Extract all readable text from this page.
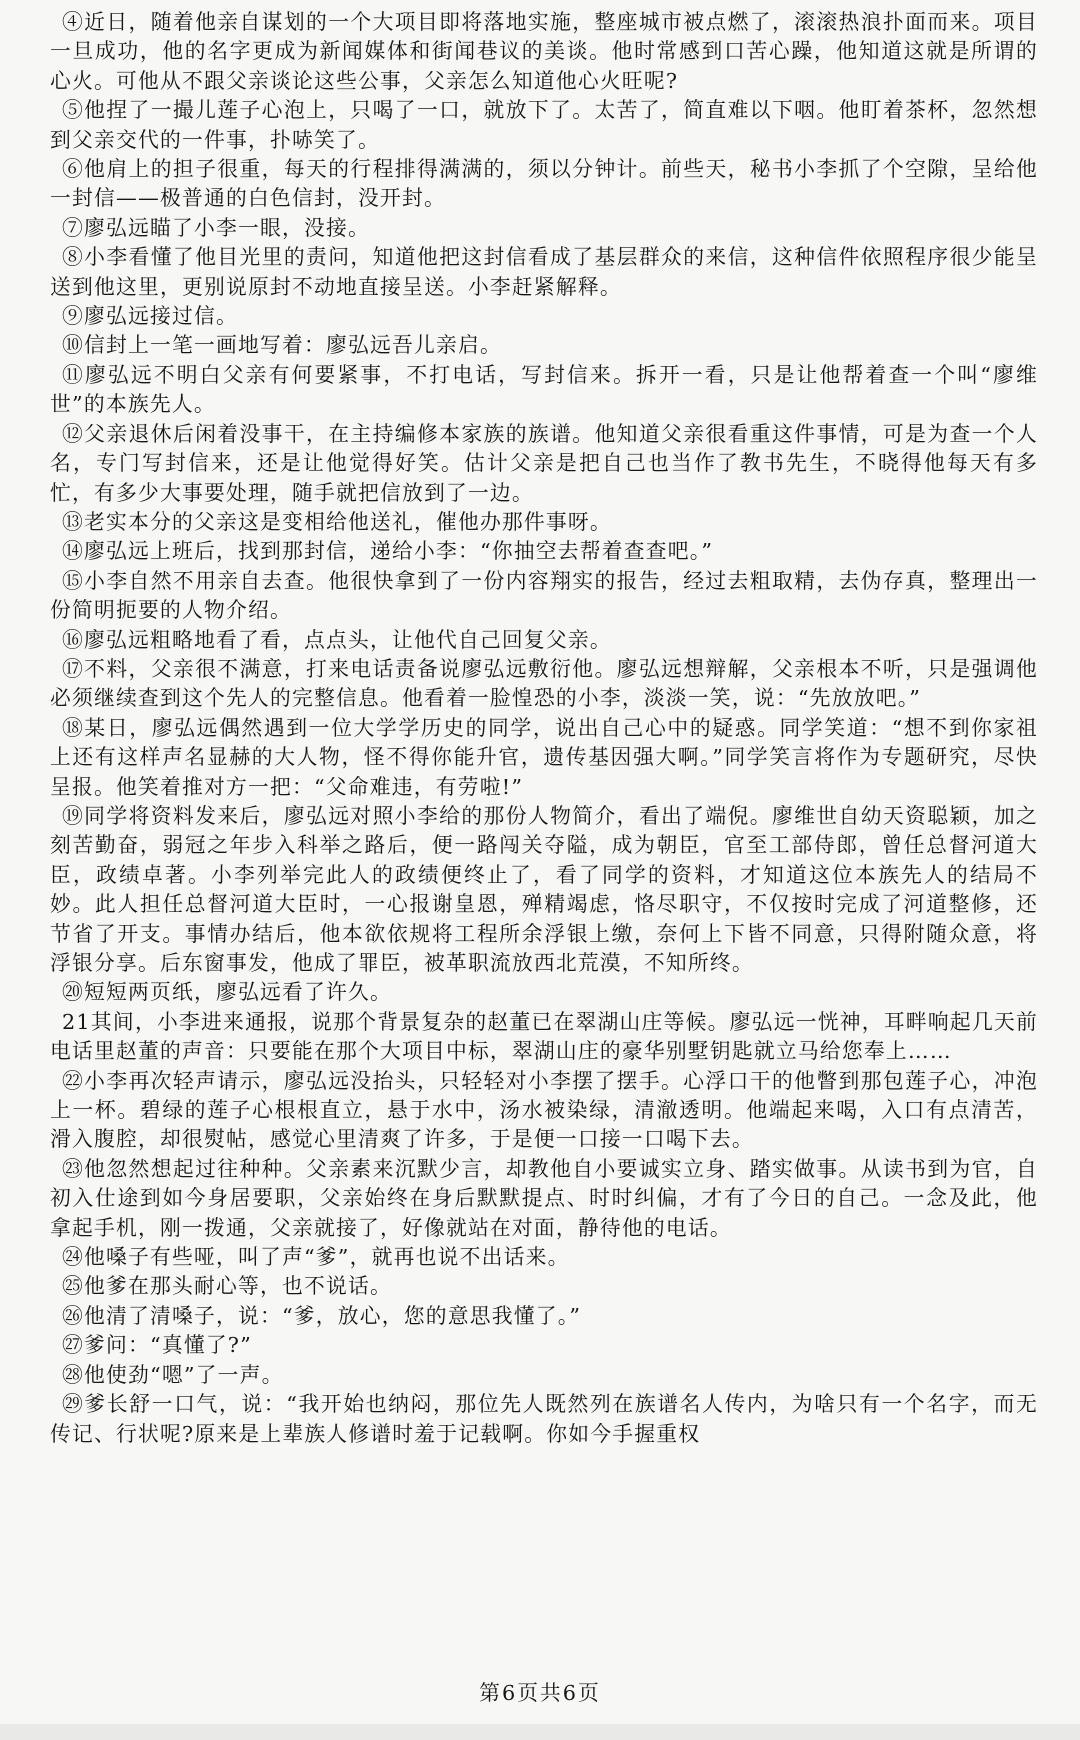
④近日，随着他亲自谋划的一个大项目即将落地实施，整座城市被点燃了，滚滚热浪扑面而来。项目一旦成功，他的名字更成为新闻媒体和街闻巷议的美谈。他时常感到口苦心躁，他知道这就是所谓的心火。可他从不跟父亲谈论这些公事，父亲怎么知道他心火旺呢?

⑤他捏了一撮儿莲子心泡上，只喝了一口，就放下了。太苦了，简直难以下咽。他盯着茶杯，忽然想到父亲交代的一件事，扑哧笑了。

⑥他肩上的担子很重，每天的行程排得满满的，须以分钟计。前些天，秘书小李抓了个空隙，呈给他一封信——极普通的白色信封，没开封。

⑦廖弘远瞄了小李一眼，没接。

⑧小李看懂了他目光里的责问，知道他把这封信看成了基层群众的来信，这种信件依照程序很少能呈送到他这里，更别说原封不动地直接呈送。小李赶紧解释。

⑨廖弘远接过信。

⑩信封上一笔一画地写着：廖弘远吾儿亲启。

⑪廖弘远不明白父亲有何要紧事，不打电话，写封信来。拆开一看，只是让他帮着查一个叫“廖维世”的本族先人。

⑫父亲退休后闲着没事干，在主持编修本家族的族谱。他知道父亲很看重这件事情，可是为查一个人名，专门写封信来，还是让他觉得好笑。估计父亲是把自己也当作了教书先生，不晓得他每天有多忙，有多少大事要处理，随手就把信放到了一边。

⑬老实本分的父亲这是变相给他送礼，催他办那件事呀。

⑭廖弘远上班后，找到那封信，递给小李：“你抽空去帮着查查吧。”

⑮小李自然不用亲自去查。他很快拿到了一份内容翔实的报告，经过去粗取精，去伪存真，整理出一份简明扼要的人物介绍。

⑯廖弘远粗略地看了看，点点头，让他代自己回复父亲。

⑰不料，父亲很不满意，打来电话责备说廖弘远敷衍他。廖弘远想辩解，父亲根本不听，只是强调他必须继续查到这个先人的完整信息。他看着一脸惶恐的小李，淡淡一笑，说：“先放放吧。”

⑱某日，廖弘远偶然遇到一位大学学历史的同学，说出自己心中的疑惑。同学笑道：“想不到你家祖上还有这样声名显赫的大人物，怪不得你能升官，遗传基因强大啊。”同学笑言将作为专题研究，尽快呈报。他笑着推对方一把：“父命难违，有劳啦!”

⑲同学将资料发来后，廖弘远对照小李给的那份人物简介，看出了端倪。廖维世自幼天资聪颖，加之刻苦勤奋，弱冠之年步入科举之路后，便一路闯关夺隘，成为朝臣，官至工部侍郎，曾任总督河道大臣，政绩卓著。小李列举完此人的政绩便终止了，看了同学的资料，才知道这位本族先人的结局不妙。此人担任总督河道大臣时，一心报谢皇恩，殚精竭虑，恪尽职守，不仅按时完成了河道整修，还节省了开支。事情办结后，他本欲依规将工程所余浮银上缴，奈何上下皆不同意，只得附随众意，将浮银分享。后东窗事发，他成了罪臣，被革职流放西北荒漠，不知所终。

⑳短短两页纸，廖弘远看了许久。

21其间，小李进来通报，说那个背景复杂的赵董已在翠湖山庄等候。廖弘远一恍神，耳畔响起几天前电话里赵董的声音：只要能在那个大项目中标，翠湖山庄的豪华别墅钥匙就立马给您奉上……

㉒小李再次轻声请示，廖弘远没抬头，只轻轻对小李摆了摆手。心浮口干的他瞥到那包莲子心，冲泡上一杯。碧绿的莲子心根根直立，悬于水中，汤水被染绿，清澈透明。他端起来喝，入口有点清苦，滑入腹腔，却很熨帖，感觉心里清爽了许多，于是便一口接一口喝下去。

㉓他忽然想起过往种种。父亲素来沉默少言，却教他自小要诚实立身、踏实做事。从读书到为官，自初入仕途到如今身居要职，父亲始终在身后默默提点、时时纠偏，才有了今日的自己。一念及此，他拿起手机，刚一拨通，父亲就接了，好像就站在对面，静待他的电话。

㉔他嗓子有些哑，叫了声“爹”，就再也说不出话来。

㉕他爹在那头耐心等，也不说话。

㉖他清了清嗓子，说：“爹，放心，您的意思我懂了。”

㉗爹问：“真懂了?”

㉘他使劲“嗯”了一声。

㉙爹长舒一口气，说：“我开始也纳闷，那位先人既然列在族谱名人传内，为啥只有一个名字，而无传记、行状呢?原来是上辈族人修谱时羞于记载啊。你如今手握重权

第6页共6页
